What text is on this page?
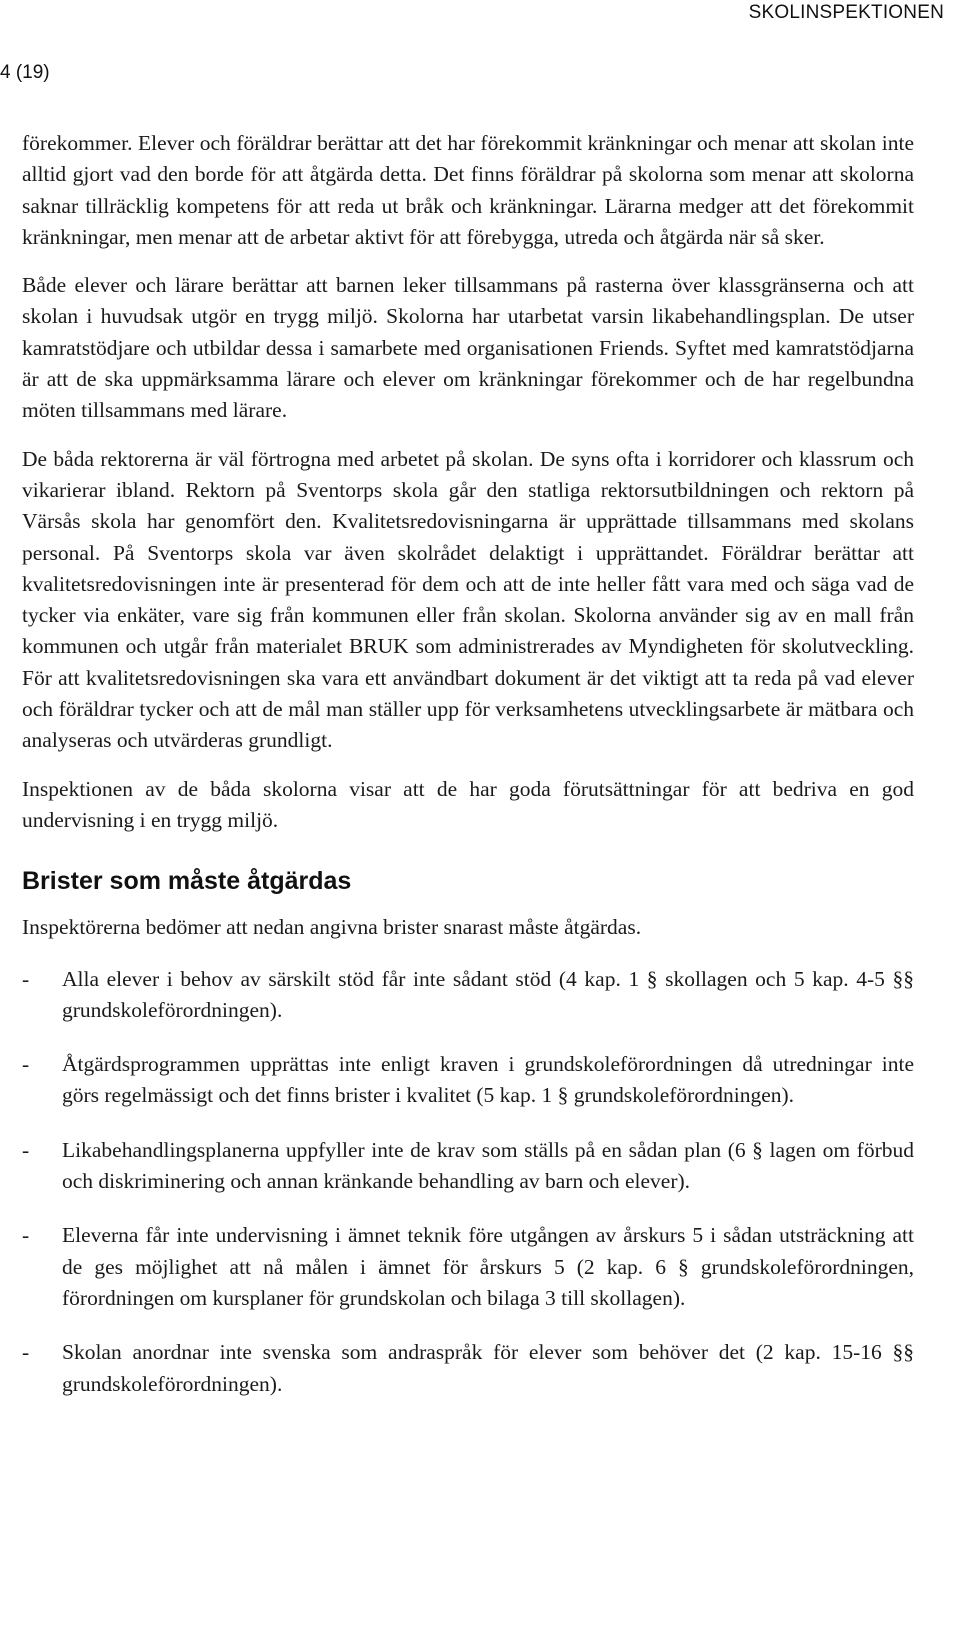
SKOLINSPEKTIONEN
4 (19)

förekommer. Elever och föräldrar berättar att det har förekommit kränkningar och menar att skolan inte alltid gjort vad den borde för att åtgärda detta. Det finns föräldrar på skolorna som menar att skolorna saknar tillräcklig kompetens för att reda ut bråk och kränkningar. Lärarna medger att det förekommit kränkningar, men menar att de arbetar aktivt för att förebygga, utreda och åtgärda när så sker.

Både elever och lärare berättar att barnen leker tillsammans på rasterna över klassgränserna och att skolan i huvudsak utgör en trygg miljö. Skolorna har utarbetat varsin likabehandlingsplan. De utser kamratstödjare och utbildar dessa i samarbete med organisationen Friends. Syftet med kamratstödjarna är att de ska uppmärksamma lärare och elever om kränkningar förekommer och de har regelbundna möten tillsammans med lärare.

De båda rektorerna är väl förtrogna med arbetet på skolan. De syns ofta i korridorer och klassrum och vikarierar ibland. Rektorn på Sventorps skola går den statliga rektorsutbildningen och rektorn på Värsås skola har genomfört den. Kvalitetsredovisningarna är upprättade tillsammans med skolans personal. På Sventorps skola var även skolrådet delaktigt i upprättandet. Föräldrar berättar att kvalitetsredovisningen inte är presenterad för dem och att de inte heller fått vara med och säga vad de tycker via enkäter, vare sig från kommunen eller från skolan. Skolorna använder sig av en mall från kommunen och utgår från materialet BRUK som administrerades av Myndigheten för skolutveckling. För att kvalitetsredovisningen ska vara ett användbart dokument är det viktigt att ta reda på vad elever och föräldrar tycker och att de mål man ställer upp för verksamhetens utvecklingsarbete är mätbara och analyseras och utvärderas grundligt.

Inspektionen av de båda skolorna visar att de har goda förutsättningar för att bedriva en god undervisning i en trygg miljö.

Brister som måste åtgärdas

Inspektörerna bedömer att nedan angivna brister snarast måste åtgärdas.

- Alla elever i behov av särskilt stöd får inte sådant stöd (4 kap. 1 § skollagen och 5 kap. 4-5 §§ grundskoleförordningen).
- Åtgärdsprogrammen upprättas inte enligt kraven i grundskoleförordningen då utredningar inte görs regelmässigt och det finns brister i kvalitet (5 kap. 1 § grundskoleförordningen).
- Likabehandlingsplanerna uppfyller inte de krav som ställs på en sådan plan (6 § lagen om förbud och diskriminering och annan kränkande behandling av barn och elever).
- Eleverna får inte undervisning i ämnet teknik före utgången av årskurs 5 i sådan utsträckning att de ges möjlighet att nå målen i ämnet för årskurs 5 (2 kap. 6 § grundskoleförordningen, förordningen om kursplaner för grundskolan och bilaga 3 till skollagen).
- Skolan anordnar inte svenska som andraspråk för elever som behöver det (2 kap. 15-16 §§ grundskoleförordningen).
